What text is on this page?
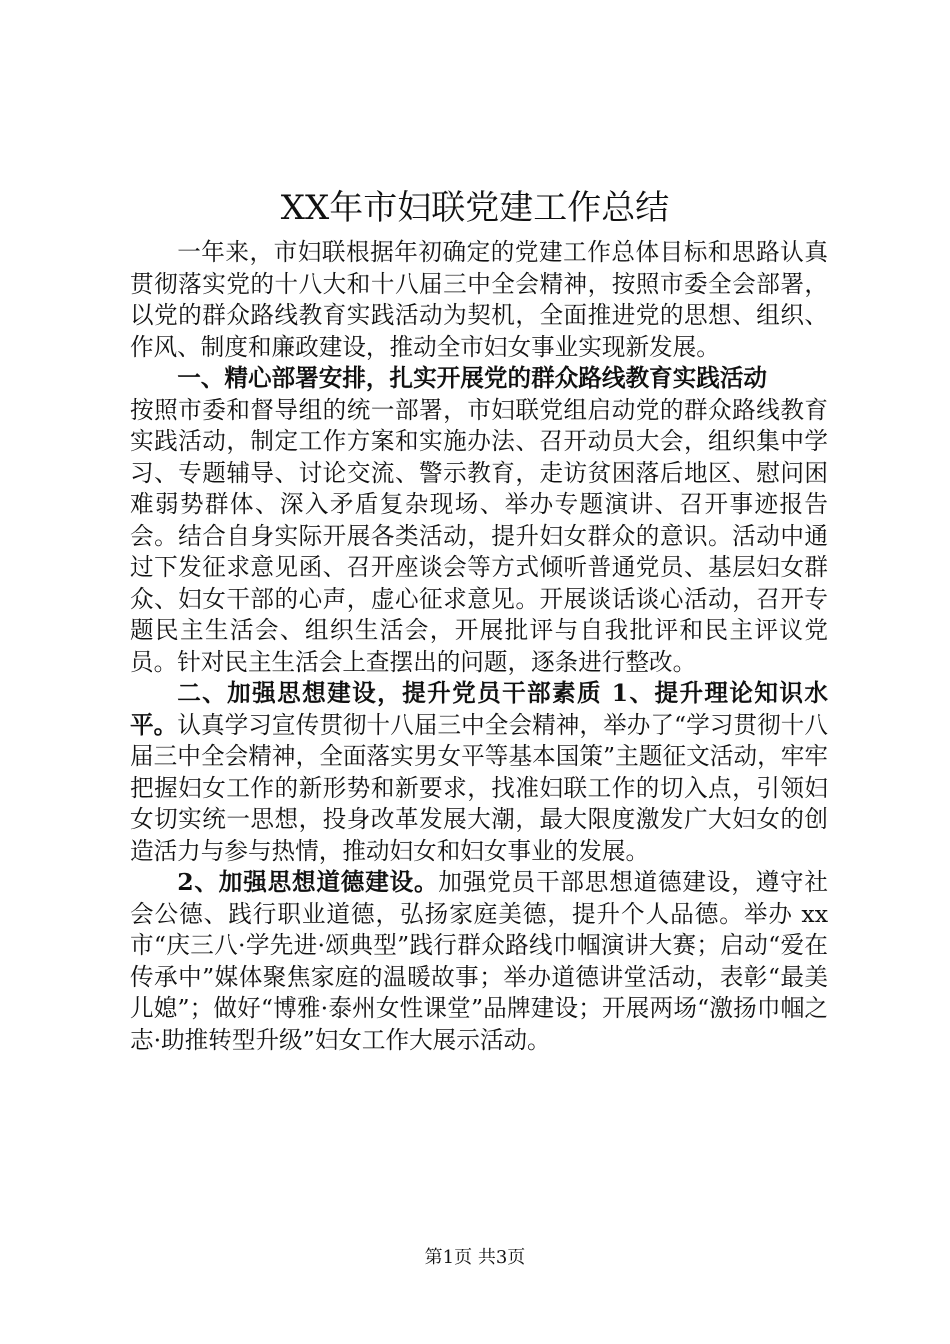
XX年市妇联党建工作总结

一年来，市妇联根据年初确定的党建工作总体目标和思路认真贯彻落实党的十八大和十八届三中全会精神，按照市委全会部署，以党的群众路线教育实践活动为契机，全面推进党的思想、组织、作风、制度和廉政建设，推动全市妇女事业实现新发展。

一、精心部署安排，扎实开展党的群众路线教育实践活动

按照市委和督导组的统一部署，市妇联党组启动党的群众路线教育实践活动，制定工作方案和实施办法、召开动员大会，组织集中学习、专题辅导、讨论交流、警示教育，走访贫困落后地区、慰问困难弱势群体、深入矛盾复杂现场、举办专题演讲、召开事迹报告会。结合自身实际开展各类活动，提升妇女群众的意识。活动中通过下发征求意见函、召开座谈会等方式倾听普通党员、基层妇女群众、妇女干部的心声，虚心征求意见。开展谈话谈心活动，召开专题民主生活会、组织生活会，开展批评与自我批评和民主评议党员。针对民主生活会上查摆出的问题，逐条进行整改。

二、加强思想建设，提升党员干部素质 1、提升理论知识水平。认真学习宣传贯彻十八届三中全会精神，举办了“学习贯彻十八届三中全会精神，全面落实男女平等基本国策”主题征文活动，牢牢把握妇女工作的新形势和新要求，找准妇联工作的切入点，引领妇女切实统一思想，投身改革发展大潮，最大限度激发广大妇女的创造活力与参与热情，推动妇女和妇女事业的发展。

2、加强思想道德建设。加强党员干部思想道德建设，遵守社会公德、践行职业道德，弘扬家庭美德，提升个人品德。举办 xx 市“庆三八·学先进·颂典型”践行群众路线巾帼演讲大赛；启动“爱在传承中”媒体聚焦家庭的温暖故事；举办道德讲堂活动，表彰“最美儿媳”；做好“博雅·泰州女性课堂”品牌建设；开展两场“激扬巾帼之志·助推转型升级”妇女工作大展示活动。

第1页 共3页
